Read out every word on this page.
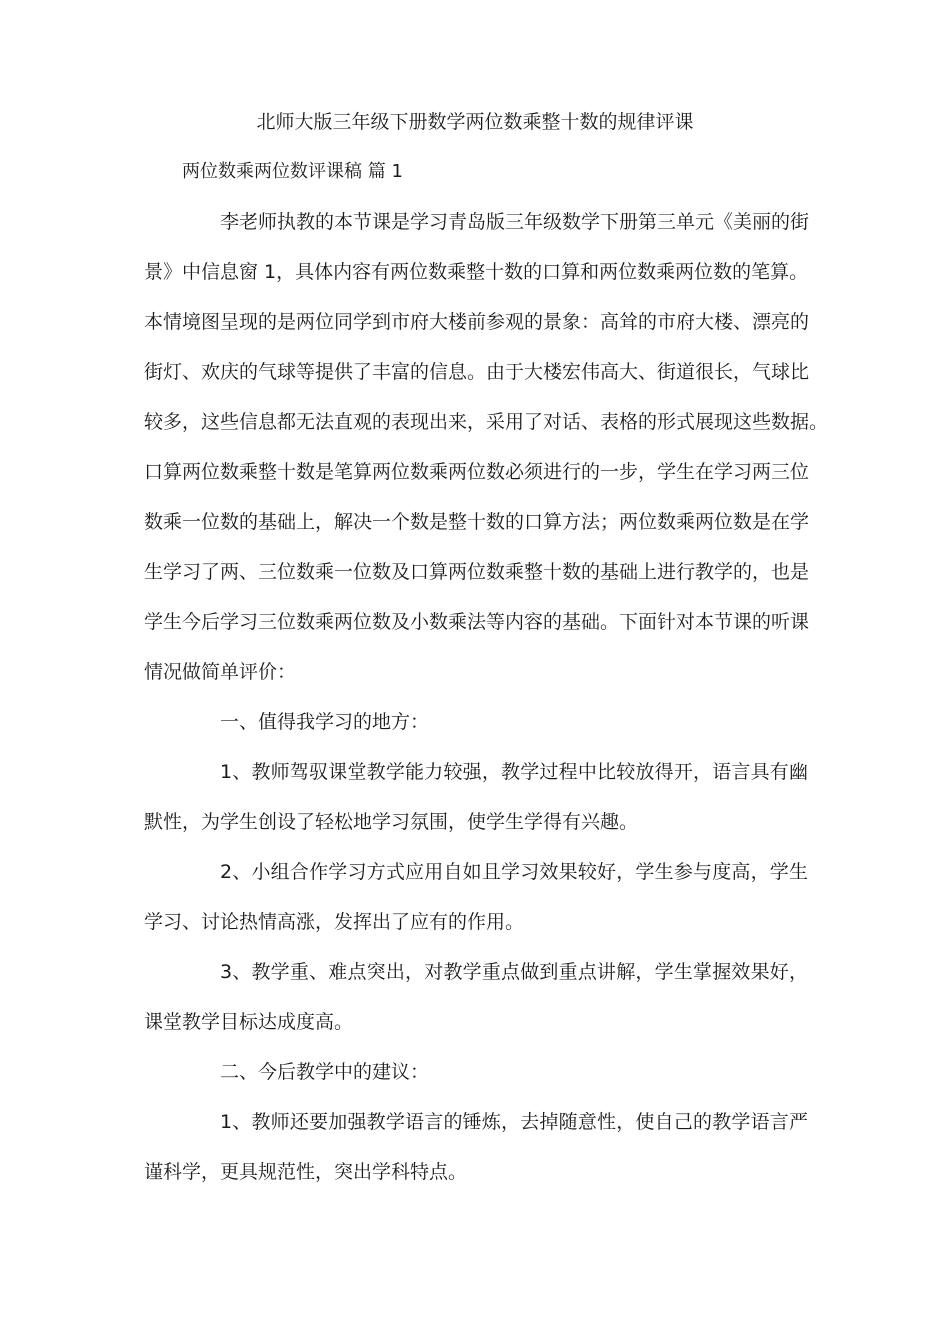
北师大版三年级下册数学两位数乘整十数的规律评课
两位数乘两位数评课稿 篇 1
李老师执教的本节课是学习青岛版三年级数学下册第三单元《美丽的街
景》中信息窗 1，具体内容有两位数乘整十数的口算和两位数乘两位数的笔算。
本情境图呈现的是两位同学到市府大楼前参观的景象：高耸的市府大楼、漂亮的
街灯、欢庆的气球等提供了丰富的信息。由于大楼宏伟高大、街道很长，气球比
较多，这些信息都无法直观的表现出来，采用了对话、表格的形式展现这些数据。
口算两位数乘整十数是笔算两位数乘两位数必须进行的一步，学生在学习两三位
数乘一位数的基础上，解决一个数是整十数的口算方法；两位数乘两位数是在学
生学习了两、三位数乘一位数及口算两位数乘整十数的基础上进行教学的，也是
学生今后学习三位数乘两位数及小数乘法等内容的基础。下面针对本节课的听课
情况做简单评价：
一、值得我学习的地方：
1、教师驾驭课堂教学能力较强，教学过程中比较放得开，语言具有幽
默性，为学生创设了轻松地学习氛围，使学生学得有兴趣。
2、小组合作学习方式应用自如且学习效果较好，学生参与度高，学生
学习、讨论热情高涨，发挥出了应有的作用。
3、教学重、难点突出，对教学重点做到重点讲解，学生掌握效果好，
课堂教学目标达成度高。
二、今后教学中的建议：
1、教师还要加强教学语言的锤炼，去掉随意性，使自己的教学语言严
谨科学，更具规范性，突出学科特点。
